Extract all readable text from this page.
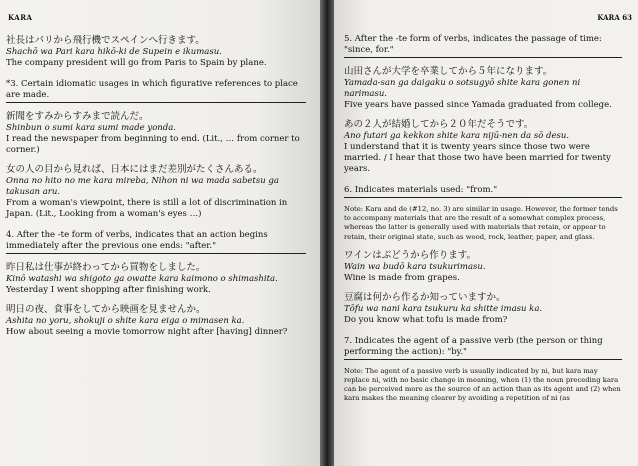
KARA

社長はパリから飛行機でスペインへ行きます。

Shachō wa Pari kara hikō-ki de Supein e ikumasu.

The company president will go from Paris to Spain by plane.

*3. Certain idiomatic usages in which figurative references to place are made.

新聞をすみからすみまで読んだ。

Shinbun o sumi kara sumi made yonda.

I read the newspaper from beginning to end. (Lit., … from corner to corner.)

女の人の目から見れば、日本にはまだ差別がたくさんある。

Onna no hito no me kara mireba, Nihon ni wa mada sabetsu ga takusan aru.

From a woman's viewpoint, there is still a lot of discrimination in Japan. (Lit., Looking from a woman's eyes …)

4. After the -te form of verbs, indicates that an action begins immediately after the previous one ends: "after."

昨日私は仕事が終わってから買物をしました。

Kinō watashi wa shigoto ga owatte kara kaimono o shimashita.

Yesterday I went shopping after finishing work.

明日の夜、食事をしてから映画を見ませんか。

Ashita no yoru, shokuji o shite kara eiga o mimasen ka.

How about seeing a movie tomorrow night after [having] dinner?

KARA 63

5. After the -te form of verbs, indicates the passage of time: "since, for."

山田さんが大学を卒業してから５年になります。

Yamada-san ga daigaku o sotsugyō shite kara gonen ni narimasu.

Five years have passed since Yamada graduated from college.

あの２人が結婚してから２０年だそうです。

Ano futari ga kekkon shite kara nijū-nen da sō desu.

I understand that it is twenty years since those two were married. / I hear that those two have been married for twenty years.

6. Indicates materials used: "from."

Note: Kara and de (#12, no. 3) are similar in usage. However, the former tends to accompany materials that are the result of a somewhat complex process, whereas the latter is generally used with materials that retain, or appear to retain, their original state, such as wood, rock, leather, paper, and glass.

ワインはぶどうから作ります。

Wain wa budō kara tsukurimasu.

Wine is made from grapes.

豆腐は何から作るか知っていますか。

Tōfu wa nani kara tsukuru ka shitte imasu ka.

Do you know what tofu is made from?

7. Indicates the agent of a passive verb (the person or thing performing the action): "by."

Note: The agent of a passive verb is usually indicated by ni, but kara may replace ni, with no basic change in meaning, when (1) the noun preceding kara can be perceived more as the source of an action than as its agent and (2) when kara makes the meaning clearer by avoiding a repetition of ni (as
